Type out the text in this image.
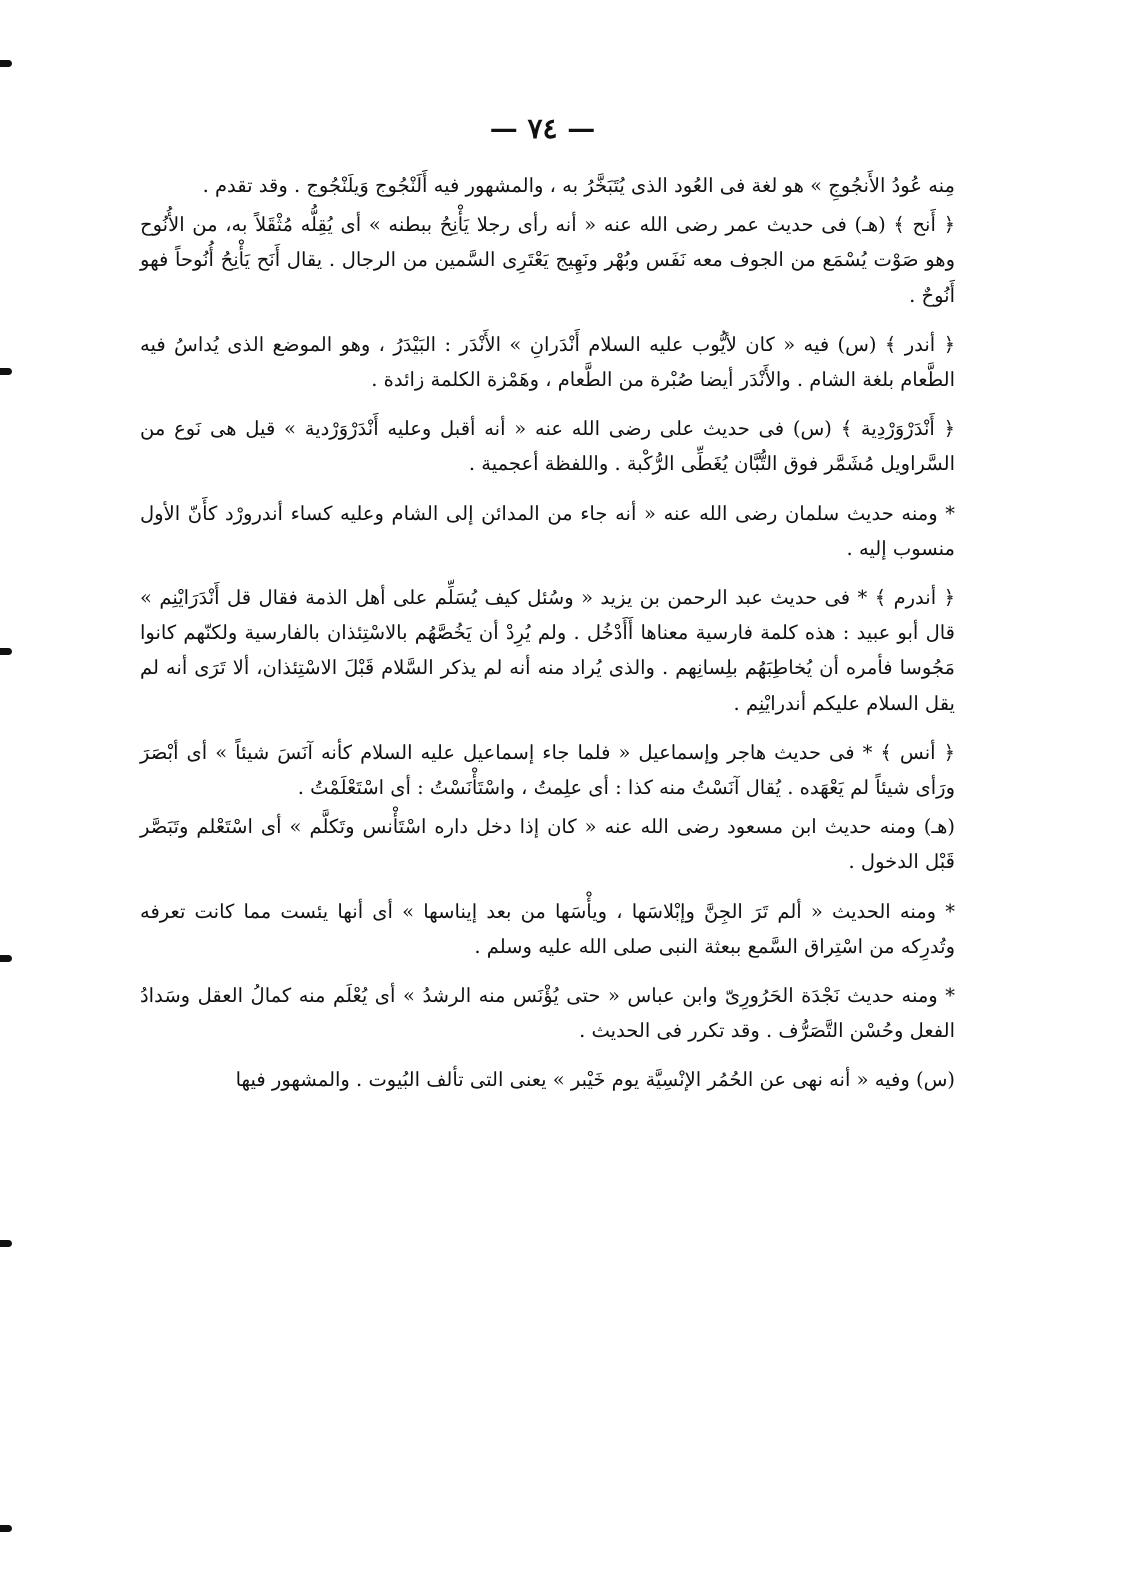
— ٧٤ —

مِنه عُودُ الأَنجُوجِ » هو لغة فى العُود الذى يُتَبَخَّرُ به ، والمشهور فيه أَلَنْجُوج وَيلَنْجُوج . وقد تقدم .

﴿ أَنح ﴾ (هـ) فى حديث عمر رضى الله عنه « أنه رأى رجلا يَأْنِحُ ببطنه » أى يُقِلُّه مُثْقَلاً به، من الأُنُوح وهو صَوْت يُسْمَع من الجوف معه نَفَس وبُهْر ونَهِيج يَعْتَرِى السَّمين من الرجال . يقال أَنَح يَأْنِحُ أُنُوحاً فهو أَنُوحٌ .

﴿ أندر ﴾ (س) فيه « كان لأيُّوب عليه السلام أَنْدَرانِ » الأَنْدَر : البَيْدَرُ ، وهو الموضع الذى يُداسُ فيه الطَّعام بلغة الشام . والأَنْدَر أيضا صُبْرة من الطَّعام ، وهَمْزة الكلمة زائدة .

﴿ أَنْدَرْوَرْدِية ﴾ (س) فى حديث على رضى الله عنه « أنه أقبل وعليه أَنْدَرْوَرْدية » قيل هى نَوع من السَّراويل مُشَمَّر فوق التُّبَّان يُغَطِّى الرُّكْبة . واللفظة أعجمية .

* ومنه حديث سلمان رضى الله عنه « أنه جاء من المدائن إلى الشام وعليه كساء أندرورْد كأَنّ الأول منسوب إليه .

﴿ أندرم ﴾ * فى حديث عبد الرحمن بن يزيد « وسُئل كيف يُسَلِّم على أهل الذمة فقال قل أَنْدَرَايْنِم » قال أبو عبيد : هذه كلمة فارسية معناها أَأَدْخُل . ولم يُرِدْ أن يَخُصَّهُم بالاسْتِئذان بالفارسية ولكنّهم كانوا مَجُوسا فأمره أن يُخاطِبَهُم بلِسانِهم . والذى يُراد منه أنه لم يذكر السَّلام قَبْلَ الاسْتِئذان، ألا تَرَى أنه لم يقل السلام عليكم أندرايْنِم .

﴿ أنس ﴾ * فى حديث هاجر وإسماعيل « فلما جاء إسماعيل عليه السلام كأنه آنَسَ شيئاً » أى أبْصَرَ ورَأى شيئاً لم يَعْهَده . يُقال آنَسْتُ منه كذا : أى علِمتُ ، واسْتَأْنَسْتُ : أى اسْتَعْلَمْتُ .

(هـ) ومنه حديث ابن مسعود رضى الله عنه « كان إذا دخل داره اسْتَأْنس وتَكلَّم » أى اسْتَعْلم وتَبَصَّر قَبْل الدخول .

* ومنه الحديث « ألم تَرَ الجِنَّ وإبْلاسَها ، ويأْسَها من بعد إيناسها » أى أنها يئست مما كانت تعرفه وتُدرِكه من اسْتِراق السَّمع ببعثة النبى صلى الله عليه وسلم .

* ومنه حديث نَجْدَة الحَرُورِىّ وابن عباس « حتى يُؤْنَس منه الرشدُ » أى يُعْلَم منه كمالُ العقل وسَدادُ الفعل وحُسْن التَّصَرُّف . وقد تكرر فى الحديث .

(س) وفيه « أنه نهى عن الحُمُر الإنْسِيَّة يوم خَيْبر » يعنى التى تألف البُيوت . والمشهور فيها
